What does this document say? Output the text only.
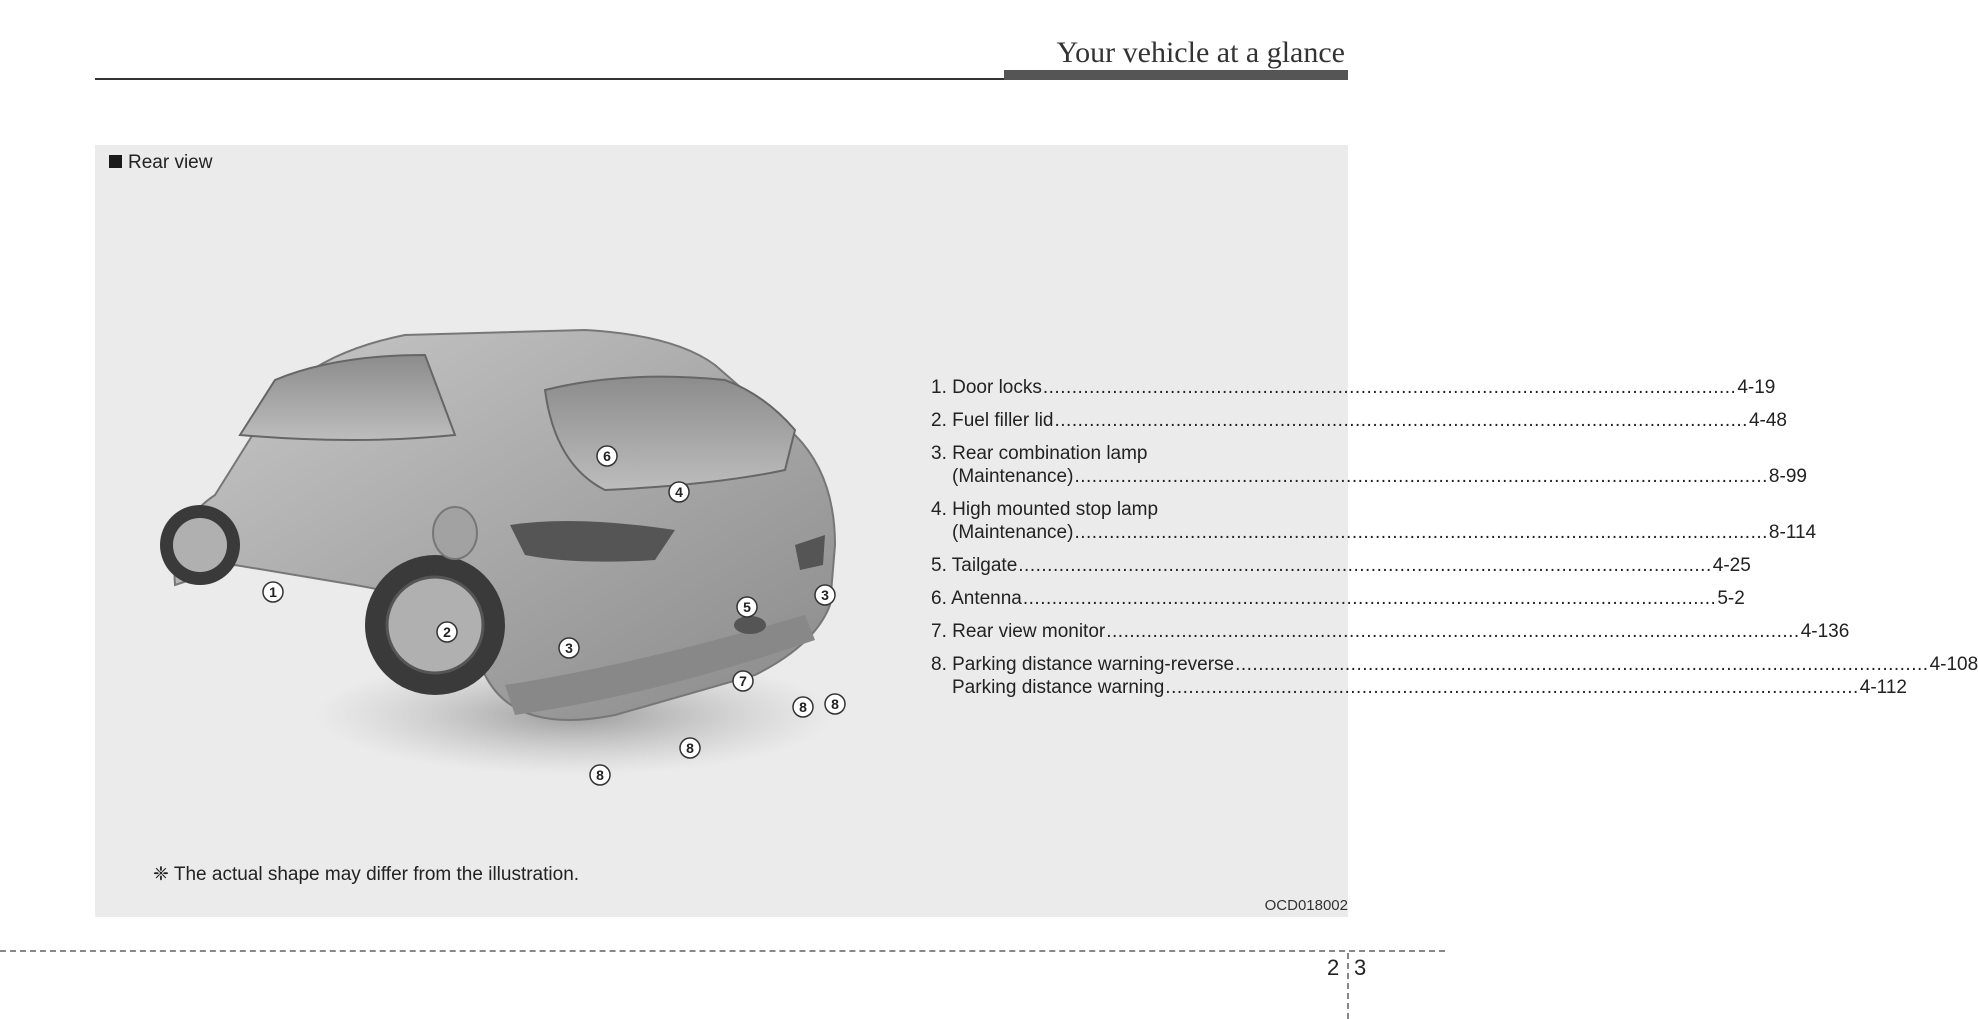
Your vehicle at a glance
Rear view
1
2
3
3
4
5
6
7
8 8
8
8
1. Door locks .....	4-19
2. Fuel filler lid .....	4-48
3. Rear combination lamp
(Maintenance) .....	8-99
4. High mounted stop lamp
(Maintenance) .....	8-114
5. Tailgate .....	4-25
6. Antenna .....	5-2
7. Rear view monitor .....	4-136
8. Parking distance warning-reverse .....	4-108
Parking distance warning .....	4-112
❈ The actual shape may differ from the illustration.
OCD018002
2 3
